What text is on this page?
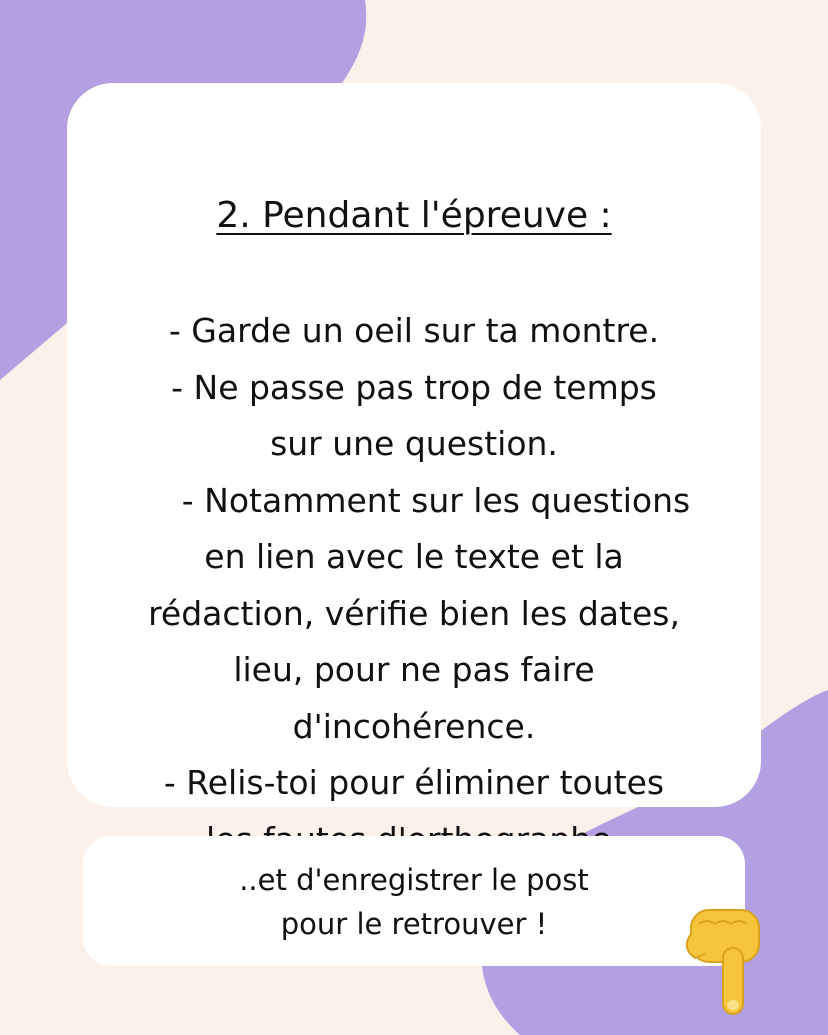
2. Pendant l'épreuve :
- Garde un oeil sur ta montre.
- Ne passe pas trop de temps
sur une question.
- Notamment sur les questions
en lien avec le texte et la
rédaction, vérifie bien les dates,
lieu, pour ne pas faire
d'incohérence.
- Relis-toi pour éliminer toutes
..et d'enregistrer le post
pour le retrouver !
